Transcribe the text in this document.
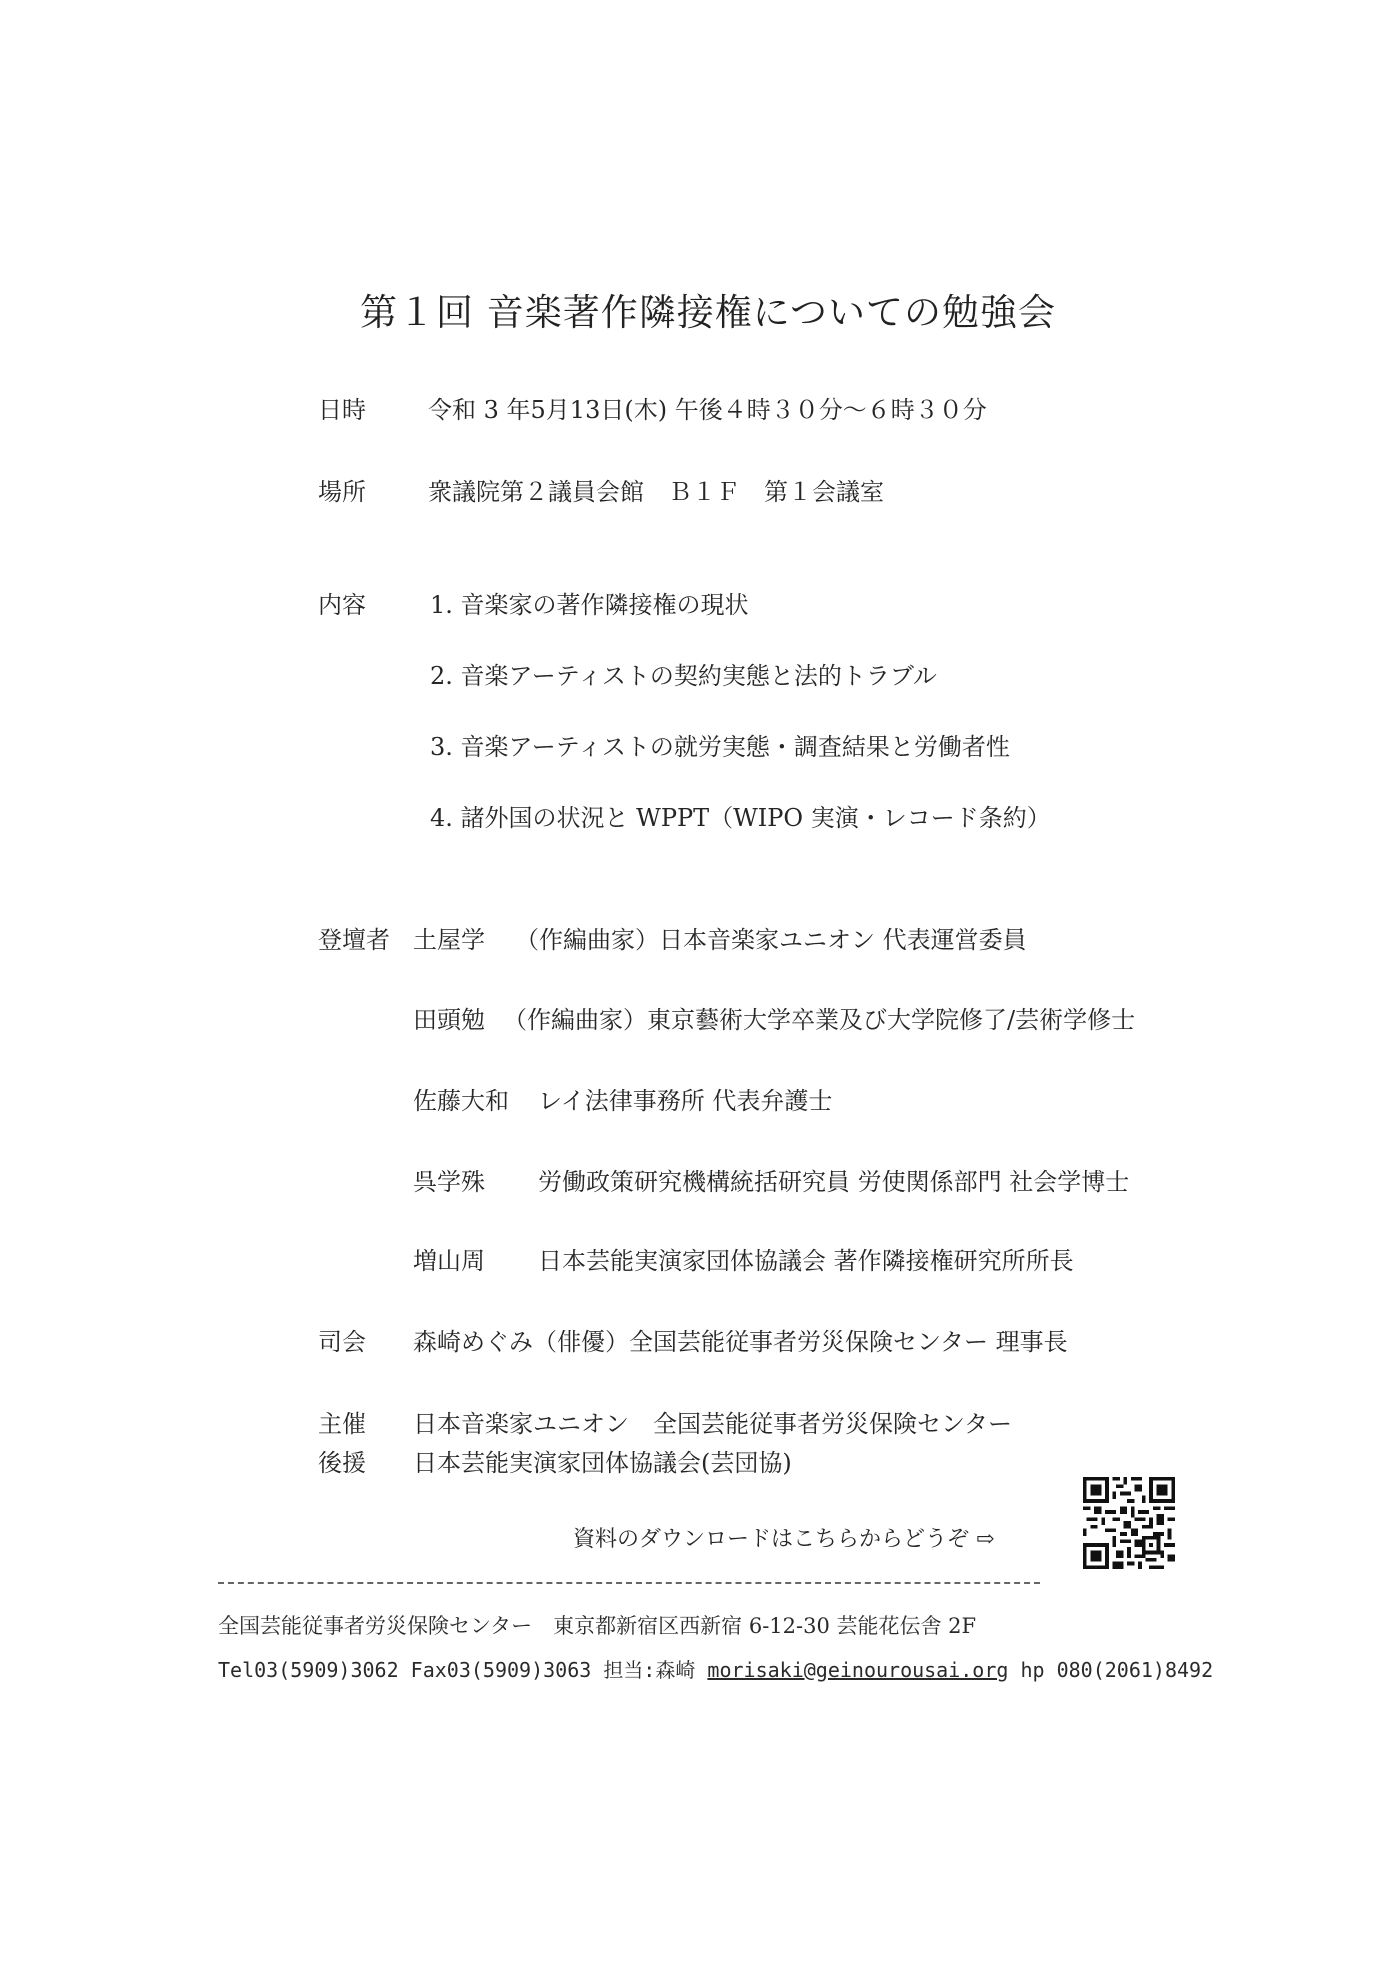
第１回 音楽著作隣接権についての勉強会
日時	令和 3 年5月13日(木) 午後４時３０分～６時３０分
場所	衆議院第２議員会館　Ｂ１Ｆ　第１会議室
内容	1. 音楽家の著作隣接権の現状
2. 音楽アーティストの契約実態と法的トラブル
3. 音楽アーティストの就労実態・調査結果と労働者性
4. 諸外国の状況と WPPT（WIPO 実演・レコード条約）
登壇者 土屋学 （作編曲家）日本音楽家ユニオン 代表運営委員
田頭勉 （作編曲家）東京藝術大学卒業及び大学院修了/芸術学修士
佐藤大和 レイ法律事務所 代表弁護士
呉学殊 労働政策研究機構統括研究員 労使関係部門 社会学博士
増山周 日本芸能実演家団体協議会 著作隣接権研究所所長
司会 森崎めぐみ（俳優）全国芸能従事者労災保険センター 理事長
主催 日本音楽家ユニオン　全国芸能従事者労災保険センター
後援 日本芸能実演家団体協議会(芸団協)
資料のダウンロードはこちらからどうぞ ⇨
全国芸能従事者労災保険センター　東京都新宿区西新宿 6-12-30 芸能花伝舎 2F
Tel03(5909)3062 Fax03(5909)3063 担当:森崎 morisaki@geinourousai.org hp 080(2061)8492
